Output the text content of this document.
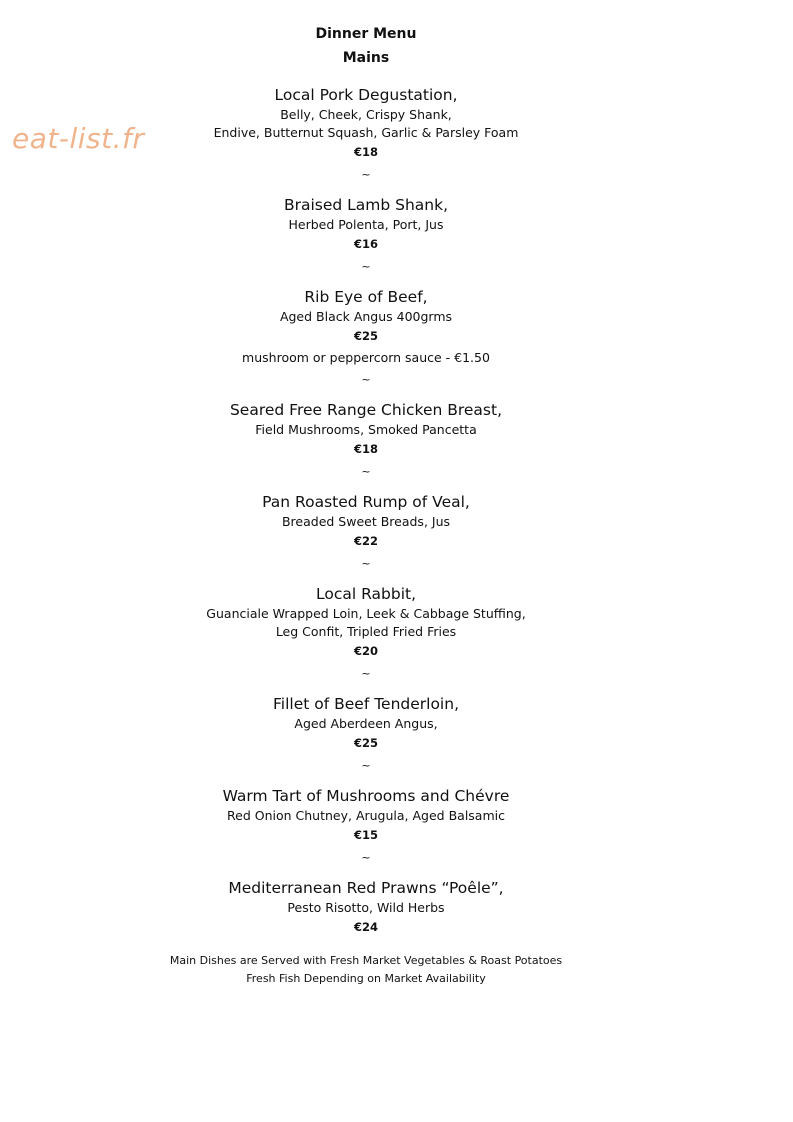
eat-list.fr
Dinner Menu
Mains
Local Pork Degustation,
Belly, Cheek, Crispy Shank,
Endive, Butternut Squash, Garlic & Parsley Foam
€18
~
Braised Lamb Shank,
Herbed Polenta, Port, Jus
€16
~
Rib Eye of Beef,
Aged Black Angus 400grms
€25
mushroom or peppercorn sauce - €1.50
~
Seared Free Range Chicken Breast,
Field Mushrooms, Smoked Pancetta
€18
~
Pan Roasted Rump of Veal,
Breaded Sweet Breads, Jus
€22
~
Local Rabbit,
Guanciale Wrapped Loin, Leek & Cabbage Stuffing,
Leg Confit, Tripled Fried Fries
€20
~
Fillet of Beef Tenderloin,
Aged Aberdeen Angus,
€25
~
Warm Tart of Mushrooms and Chévre
Red Onion Chutney, Arugula, Aged Balsamic
€15
~
Mediterranean Red Prawns “Poêle”,
Pesto Risotto, Wild Herbs
€24
Main Dishes are Served with Fresh Market Vegetables & Roast Potatoes
Fresh Fish Depending on Market Availability
